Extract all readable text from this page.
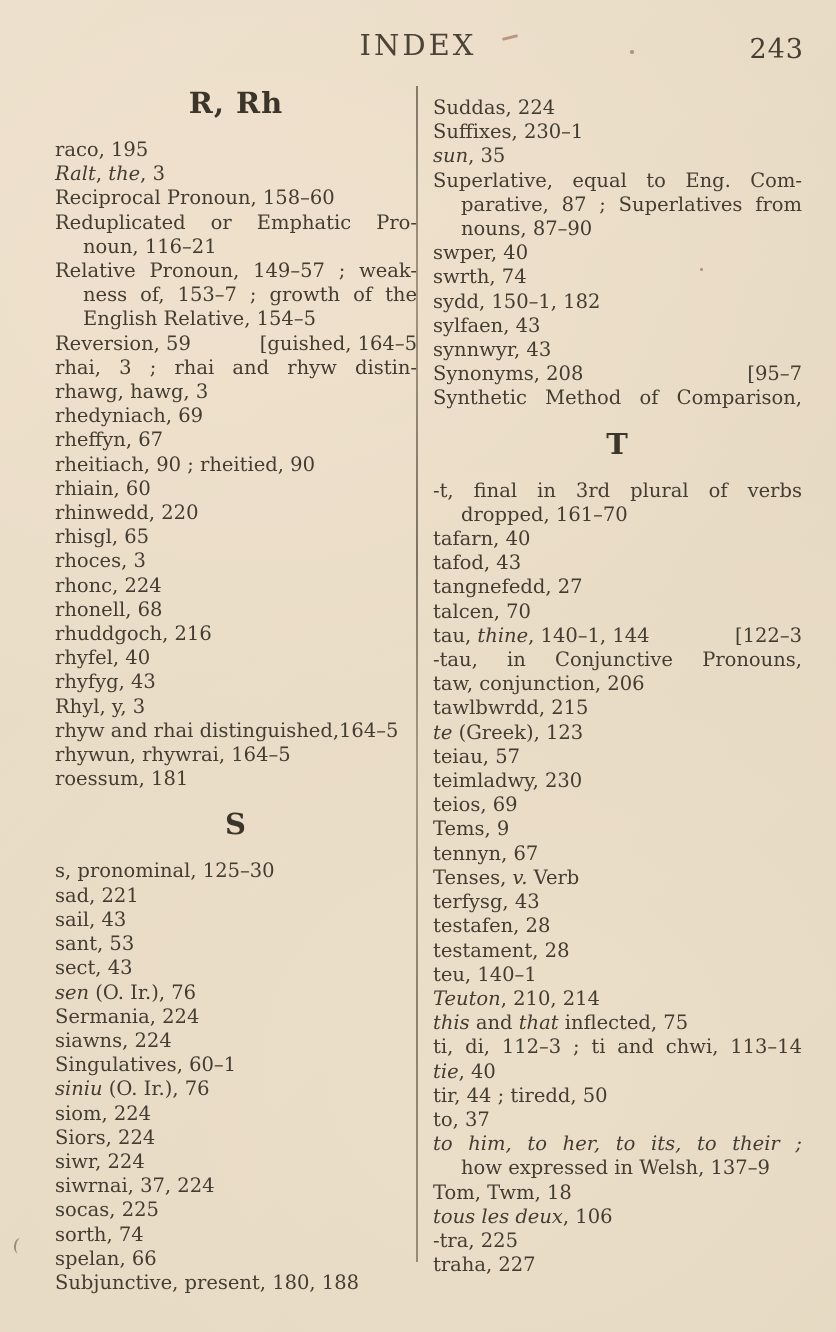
INDEX	243
R, Rh
raco, 195
Ralt, the, 3
Reciprocal Pronoun, 158–60
Reduplicated or Emphatic Pro-
noun, 116–21
Relative Pronoun, 149–57 ; weak-
ness of, 153–7 ; growth of the
English Relative, 154–5
Reversion, 59	[guished, 164–5
rhai, 3 ; rhai and rhyw distin-
rhawg, hawg, 3
rhedyniach, 69
rheffyn, 67
rheitiach, 90 ; rheitied, 90
rhiain, 60
rhinwedd, 220
rhisgl, 65
rhoces, 3
rhonc, 224
rhonell, 68
rhuddgoch, 216
rhyfel, 40
rhyfyg, 43
Rhyl, y, 3
rhyw and rhai distinguished,164–5
rhywun, rhywrai, 164–5
roessum, 181
S
s, pronominal, 125–30
sad, 221
sail, 43
sant, 53
sect, 43
sen (O. Ir.), 76
Sermania, 224
siawns, 224
Singulatives, 60–1
siniu (O. Ir.), 76
siom, 224
Siors, 224
siwr, 224
siwrnai, 37, 224
socas, 225
sorth, 74
spelan, 66
Subjunctive, present, 180, 188
Suddas, 224
Suffixes, 230–1
sun, 35
Superlative, equal to Eng. Com-
parative, 87 ; Superlatives from
nouns, 87–90
swper, 40
swrth, 74
sydd, 150–1, 182
sylfaen, 43
synnwyr, 43
Synonyms, 208	[95–7
Synthetic Method of Comparison,
T
-t, final in 3rd plural of verbs
dropped, 161–70
tafarn, 40
tafod, 43
tangnefedd, 27
talcen, 70
tau, thine, 140–1, 144	[122–3
-tau, in Conjunctive Pronouns,
taw, conjunction, 206
tawlbwrdd, 215
te (Greek), 123
teiau, 57
teimladwy, 230
teios, 69
Tems, 9
tennyn, 67
Tenses, v. Verb
terfysg, 43
testafen, 28
testament, 28
teu, 140–1
Teuton, 210, 214
this and that inflected, 75
ti, di, 112–3 ; ti and chwi, 113–14
tie, 40
tir, 44 ; tiredd, 50
to, 37
to him, to her, to its, to their ;
how expressed in Welsh, 137–9
Tom, Twm, 18
tous les deux, 106
-tra, 225
traha, 227
